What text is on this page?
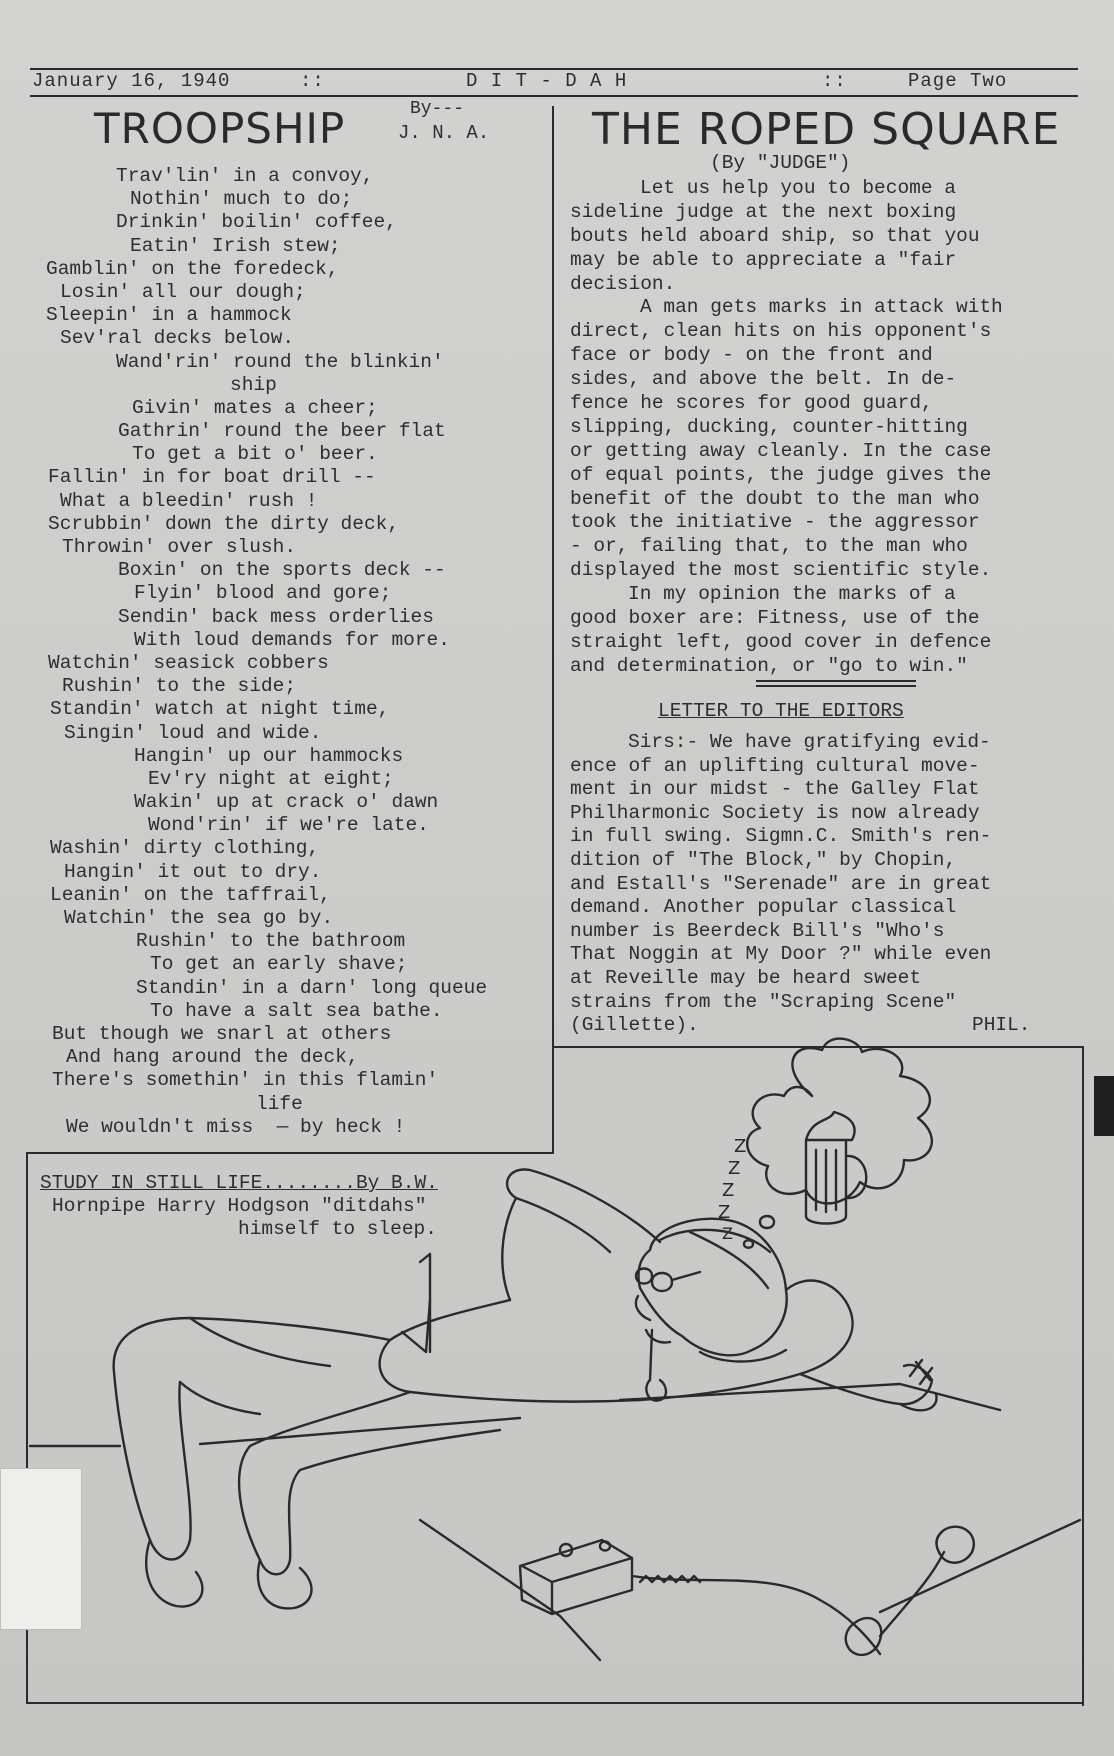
January 16, 1940	::	D I T - D A H	::	Page Two
TROOPSHIP	By---
J. N. A.
Trav'lin' in a convoy,
Nothin' much to do;
Drinkin' boilin' coffee,
Eatin' Irish stew;
Gamblin' on the foredeck,
Losin' all our dough;
Sleepin' in a hammock
Sev'ral decks below.
Wand'rin' round the blinkin'
ship
Givin' mates a cheer;
Gathrin' round the beer flat
To get a bit o' beer.
Fallin' in for boat drill --
What a bleedin' rush !
Scrubbin' down the dirty deck,
Throwin' over slush.
Boxin' on the sports deck --
Flyin' blood and gore;
Sendin' back mess orderlies
With loud demands for more.
Watchin' seasick cobbers
Rushin' to the side;
Standin' watch at night time,
Singin' loud and wide.
Hangin' up our hammocks
Ev'ry night at eight;
Wakin' up at crack o' dawn
Wond'rin' if we're late.
Washin' dirty clothing,
Hangin' it out to dry.
Leanin' on the taffrail,
Watchin' the sea go by.
Rushin' to the bathroom
To get an early shave;
Standin' in a darn' long queue
To have a salt sea bathe.
But though we snarl at others
And hang around the deck,
There's somethin' in this flamin'
life
We wouldn't miss  — by heck !
THE ROPED SQUARE
(By "JUDGE")
Let us help you to become a
sideline judge at the next boxing
bouts held aboard ship, so that you
may be able to appreciate a "fair
decision.
A man gets marks in attack with
direct, clean hits on his opponent's
face or body - on the front and
sides, and above the belt. In de-
fence he scores for good guard,
slipping, ducking, counter-hitting
or getting away cleanly. In the case
of equal points, the judge gives the
benefit of the doubt to the man who
took the initiative - the aggressor
- or, failing that, to the man who
displayed the most scientific style.
In my opinion the marks of a
good boxer are: Fitness, use of the
straight left, good cover in defence
and determination, or "go to win."
LETTER TO THE EDITORS
Sirs:- We have gratifying evid-
ence of an uplifting cultural move-
ment in our midst - the Galley Flat
Philharmonic Society is now already
in full swing. Sigmn.C. Smith's ren-
dition of "The Block," by Chopin,
and Estall's "Serenade" are in great
demand. Another popular classical
number is Beerdeck Bill's "Who's
That Noggin at My Door ?" while even
at Reveille may be heard sweet
strains from the "Scraping Scene"
(Gillette).	PHIL.
STUDY IN STILL LIFE........By B.W.
Hornpipe Harry Hodgson "ditdahs"
himself to sleep.
Z
Z
Z
Z
Z
